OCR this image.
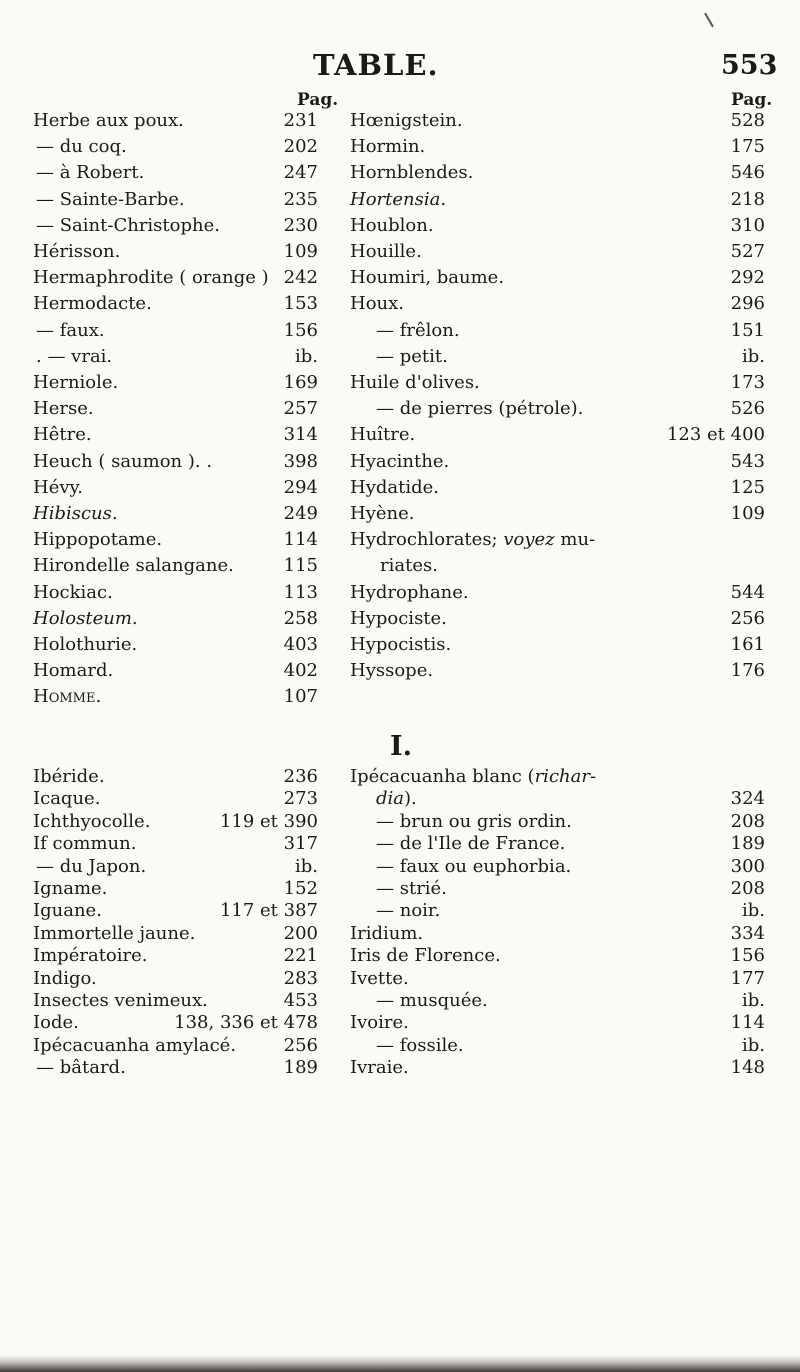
TABLE.	553
Pag.	Pag.
Herbe aux poux.	231
— du coq.	202
— à Robert.	247
— Sainte-Barbe.	235
— Saint-Christophe.	230
Hérisson.	109
Hermaphrodite ( orange ) 242
Hermodacte.	153
— faux.	156
. — vrai.	ib.
Herniole.	169
Herse.	257
Hêtre.	314
Heuch ( saumon ). .	398
Hévy.	294
Hibiscus.	249
Hippopotame.	114
Hirondelle salangane.	115
Hockiac.	113
Holosteum.	258
Holothurie.	403
Homard.	402
Homme.	107
Hœnigstein.	528
Hormin.	175
Hornblendes.	546
Hortensia.	218
Houblon.	310
Houille.	527
Houmiri, baume.	292
Houx.	296
— frêlon.	151
— petit.	ib.
Huile d'olives.	173
— de pierres (pétrole).	526
Huître.	123 et 400
Hyacinthe.	543
Hydatide.	125
Hyène.	109
Hydrochlorates; voyez mu-
riates.
Hydrophane.	544
Hypociste.	256
Hypocistis.	161
Hyssope.	176
I.
Ibéride.	236
Icaque.	273
Ichthyocolle.	119 et 390
If commun.	317
— du Japon.	ib.
Igname.	152
Iguane.	117 et 387
Immortelle jaune.	200
Impératoire.	221
Indigo.	283
Insectes venimeux.	453
Iode.	138, 336 et 478
Ipécacuanha amylacé.	256
— bâtard.	189
Ipécacuanha blanc (richar-
dia).	324
— brun ou gris ordin.	208
— de l'Ile de France.	189
— faux ou euphorbia.	300
— strié.	208
— noir.	ib.
Iridium.	334
Iris de Florence.	156
Ivette.	177
— musquée.	ib.
Ivoire.	114
— fossile.	ib.
Ivraie.	148
